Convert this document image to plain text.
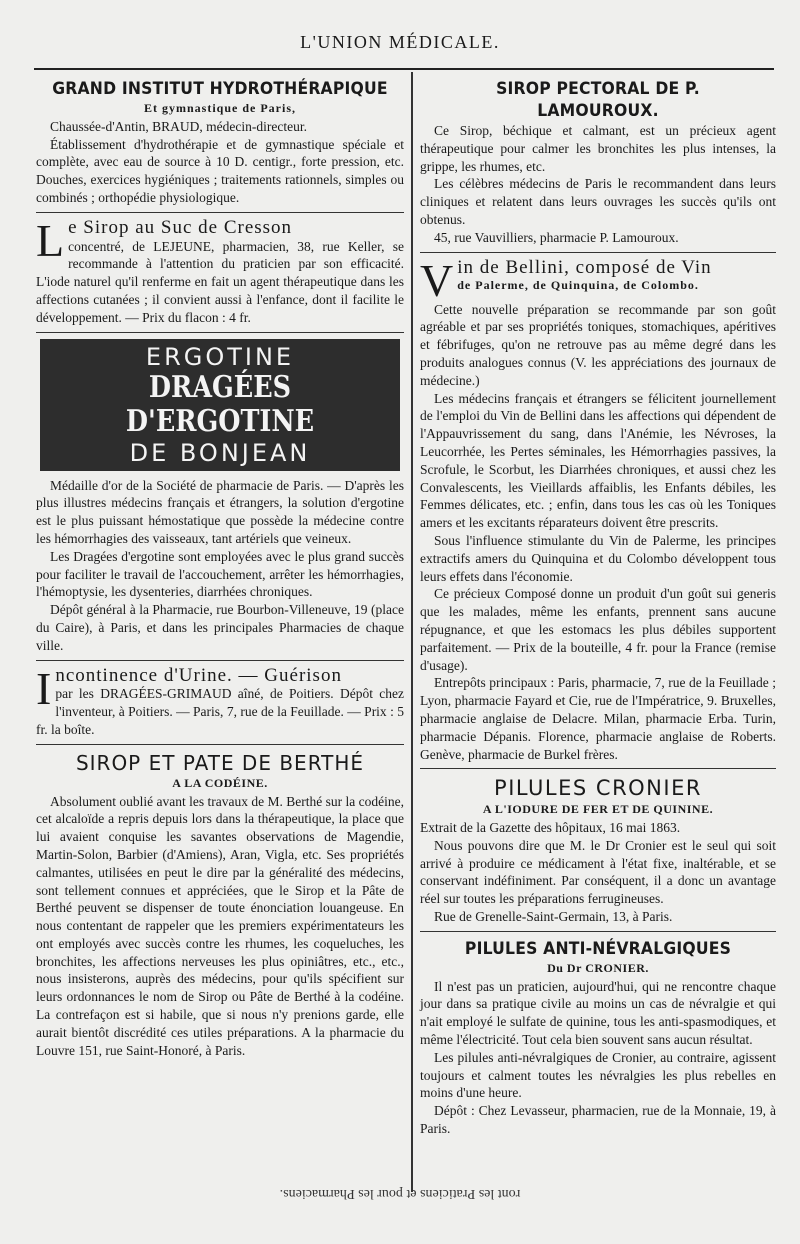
L'UNION MÉDICALE.
GRAND INSTITUT HYDROTHÉRAPIQUE
Et gymnastique de Paris,

Chaussée-d'Antin, BRAUD, médecin-directeur.

Établissement d'hydrothérapie et de gymnastique spéciale et complète, avec eau de source à 10 D. centigr., forte pression, etc. Douches, exercices hygiéniques ; traitements rationnels, simples ou combinés ; orthopédie physiologique.

L e Sirop au Suc de Cresson

concentré, de LEJEUNE, pharmacien, 38, rue Keller, se recommande à l'attention du praticien par son efficacité. L'iode naturel qu'il renferme en fait un agent thérapeutique dans les affections cutanées ; il convient aussi à l'enfance, dont il facilite le développement. — Prix du flacon : 4 fr.

ERGOTINE
DRAGÉES D'ERGOTINE
DE BONJEAN

Médaille d'or de la Société de pharmacie de Paris. — D'après les plus illustres médecins français et étrangers, la solution d'ergotine est le plus puissant hémostatique que possède la médecine contre les hémorrhagies des vaisseaux, tant artériels que veineux.

Les Dragées d'ergotine sont employées avec le plus grand succès pour faciliter le travail de l'accouchement, arrêter les hémorrhagies, l'hémoptysie, les dysenteries, diarrhées chroniques.

Dépôt général à la Pharmacie, rue Bourbon-Villeneuve, 19 (place du Caire), à Paris, et dans les principales Pharmacies de chaque ville.

I ncontinence d'Urine. — Guérison

par les DRAGÉES-GRIMAUD aîné, de Poitiers. Dépôt chez l'inventeur, à Poitiers. — Paris, 7, rue de la Feuillade. — Prix : 5 fr. la boîte.

SIROP ET PATE DE BERTHÉ
A LA CODÉINE.

Absolument oublié avant les travaux de M. Berthé sur la codéine, cet alcaloïde a repris depuis lors dans la thérapeutique, la place que lui avaient conquise les savantes observations de Magendie, Martin-Solon, Barbier (d'Amiens), Aran, Vigla, etc. Ses propriétés calmantes, utilisées en peut le dire par la généralité des médecins, sont tellement connues et appréciées, que le Sirop et la Pâte de Berthé peuvent se dispenser de toute énonciation louangeuse. En nous contentant de rappeler que les premiers expérimentateurs les ont employés avec succès contre les rhumes, les coqueluches, les bronchites, les affections nerveuses les plus opiniâtres, etc., etc., nous insisterons, auprès des médecins, pour qu'ils spécifient sur leurs ordonnances le nom de Sirop ou Pâte de Berthé à la codéine. La contrefaçon est si habile, que si nous n'y prenions garde, elle aurait bientôt discrédité ces utiles préparations. A la pharmacie du Louvre 151, rue Saint-Honoré, à Paris.

SIROP PECTORAL DE P. LAMOUROUX.

Ce Sirop, béchique et calmant, est un précieux agent thérapeutique pour calmer les bronchites les plus intenses, la grippe, les rhumes, etc.

Les célèbres médecins de Paris le recommandent dans leurs cliniques et relatent dans leurs ouvrages les succès qu'ils ont obtenus.

45, rue Vauvilliers, pharmacie P. Lamouroux.

V in de Bellini, composé de Vin

de Palerme, de Quinquina, de Colombo.

Cette nouvelle préparation se recommande par son goût agréable et par ses propriétés toniques, stomachiques, apéritives et fébrifuges, qu'on ne retrouve pas au même degré dans les produits analogues connus (V. les appréciations des journaux de médecine.)

Les médecins français et étrangers se félicitent journellement de l'emploi du Vin de Bellini dans les affections qui dépendent de l'Appauvrissement du sang, dans l'Anémie, les Névroses, la Leucorrhée, les Pertes séminales, les Hémorrhagies passives, la Scrofule, le Scorbut, les Diarrhées chroniques, et aussi chez les Convalescents, les Vieillards affaiblis, les Enfants débiles, les Femmes délicates, etc. ; enfin, dans tous les cas où les Toniques amers et les excitants réparateurs doivent être prescrits.

Sous l'influence stimulante du Vin de Palerme, les principes extractifs amers du Quinquina et du Colombo développent tous leurs effets dans l'économie.

Ce précieux Composé donne un produit d'un goût sui generis que les malades, même les enfants, prennent sans aucune répugnance, et que les estomacs les plus débiles supportent parfaitement. — Prix de la bouteille, 4 fr. pour la France (remise d'usage).

Entrepôts principaux : Paris, pharmacie, 7, rue de la Feuillade ; Lyon, pharmacie Fayard et Cie, rue de l'Impératrice, 9. Bruxelles, pharmacie anglaise de Delacre. Milan, pharmacie Erba. Turin, pharmacie Dépanis. Florence, pharmacie anglaise de Roberts. Genève, pharmacie de Burkel frères.

PILULES CRONIER
A L'IODURE DE FER ET DE QUININE.

Extrait de la Gazette des hôpitaux, 16 mai 1863.

Nous pouvons dire que M. le Dr Cronier est le seul qui soit arrivé à produire ce médicament à l'état fixe, inaltérable, et se conservant indéfiniment. Par conséquent, il a donc un avantage réel sur toutes les préparations ferrugineuses.

Rue de Grenelle-Saint-Germain, 13, à Paris.

PILULES ANTI-NÉVRALGIQUES
Du Dr CRONIER.

Il n'est pas un praticien, aujourd'hui, qui ne rencontre chaque jour dans sa pratique civile au moins un cas de névralgie et qui n'ait employé le sulfate de quinine, tous les anti-spasmodiques, et même l'électricité. Tout cela bien souvent sans aucun résultat.

Les pilules anti-névralgiques de Cronier, au contraire, agissent toujours et calment toutes les névralgies les plus rebelles en moins d'une heure.

Dépôt : Chez Levasseur, pharmacien, rue de la Monnaie, 19, à Paris.

ront les Praticiens et pour les Pharmaciens.
